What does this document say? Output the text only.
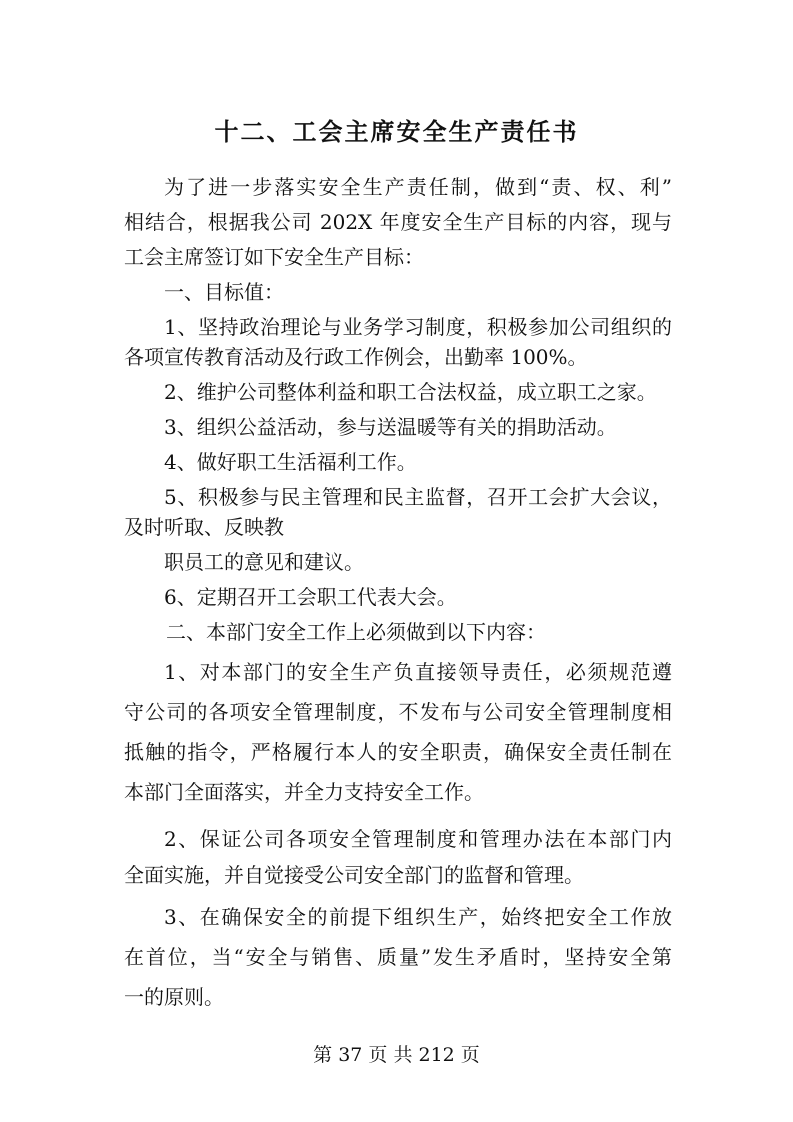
十二、工会主席安全生产责任书

为了进一步落实安全生产责任制，做到“责、权、利”

相结合，根据我公司 202X 年度安全生产目标的内容，现与

工会主席签订如下安全生产目标：

一、目标值：

1、坚持政治理论与业务学习制度，积极参加公司组织的

各项宣传教育活动及行政工作例会，出勤率 100%。

2、维护公司整体利益和职工合法权益，成立职工之家。

3、组织公益活动，参与送温暖等有关的捐助活动。

4、做好职工生活福利工作。

5、积极参与民主管理和民主监督，召开工会扩大会议，

及时听取、反映教

职员工的意见和建议。

6、定期召开工会职工代表大会。

二、本部门安全工作上必须做到以下内容：

1、对本部门的安全生产负直接领导责任，必须规范遵

守公司的各项安全管理制度，不发布与公司安全管理制度相

抵触的指令，严格履行本人的安全职责，确保安全责任制在

本部门全面落实，并全力支持安全工作。

2、保证公司各项安全管理制度和管理办法在本部门内

全面实施，并自觉接受公司安全部门的监督和管理。

3、在确保安全的前提下组织生产，始终把安全工作放

在首位，当“安全与销售、质量”发生矛盾时，坚持安全第

一的原则。

第 37 页 共 212 页
